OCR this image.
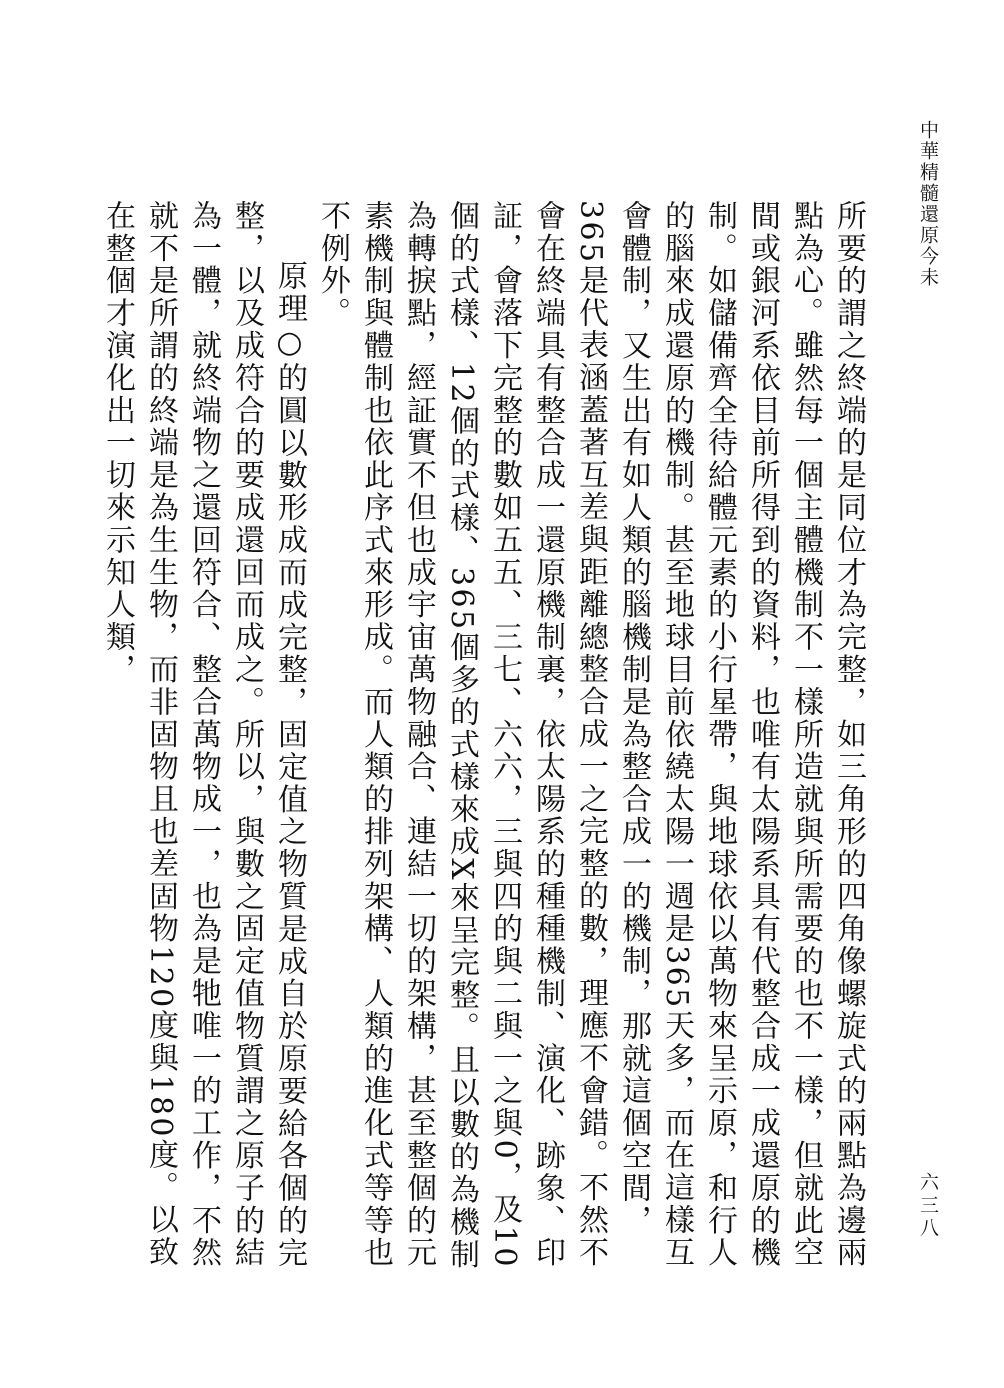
中華精髓還原今未

所要的謂之終端的是同位才為完整，如三角形的四角像螺旋式的兩點為邊兩點為心。雖然每一個主體機制不一樣所造就與所需要的也不一樣，但就此空間或銀河系依目前所得到的資料，也唯有太陽系具有代整合成一成還原的機制。如儲備齊全待給體元素的小行星帶，與地球依以萬物來呈示原，和行人的腦來成還原的機制。甚至地球目前依繞太陽一週是365天多，而在這樣互會體制，又生出有如人類的腦機制是為整合成一的機制，那就這個空間，365是代表涵蓋著互差與距離總整合成一之完整的數，理應不會錯。不然不會在終端具有整合成一還原機制裏，依太陽系的種種機制、演化、跡象、印証，會落下完整的數如五五、三七、六六，三與四的與二與一之與0，及10個的式樣、12個的式樣、365個多的式樣來成X來呈完整。且以數的為機制為轉捩點，經証實不但也成宇宙萬物融合、連結一切的架構，甚至整個的元素機制與體制也依此序式來形成。而人類的排列架構、人類的進化式等等也不例外。

原理○的圓以數形成而成完整，固定值之物質是成自於原要給各個的完整，以及成符合的要成還回而成之。所以，與數之固定值物質謂之原子的結為一體，就終端物之還回符合、整合萬物成一，也為是牠唯一的工作，不然就不是所謂的終端是為生生物，而非固物且也差固物120度與180度。以致在整個才演化出一切來示知人類，

六三八
